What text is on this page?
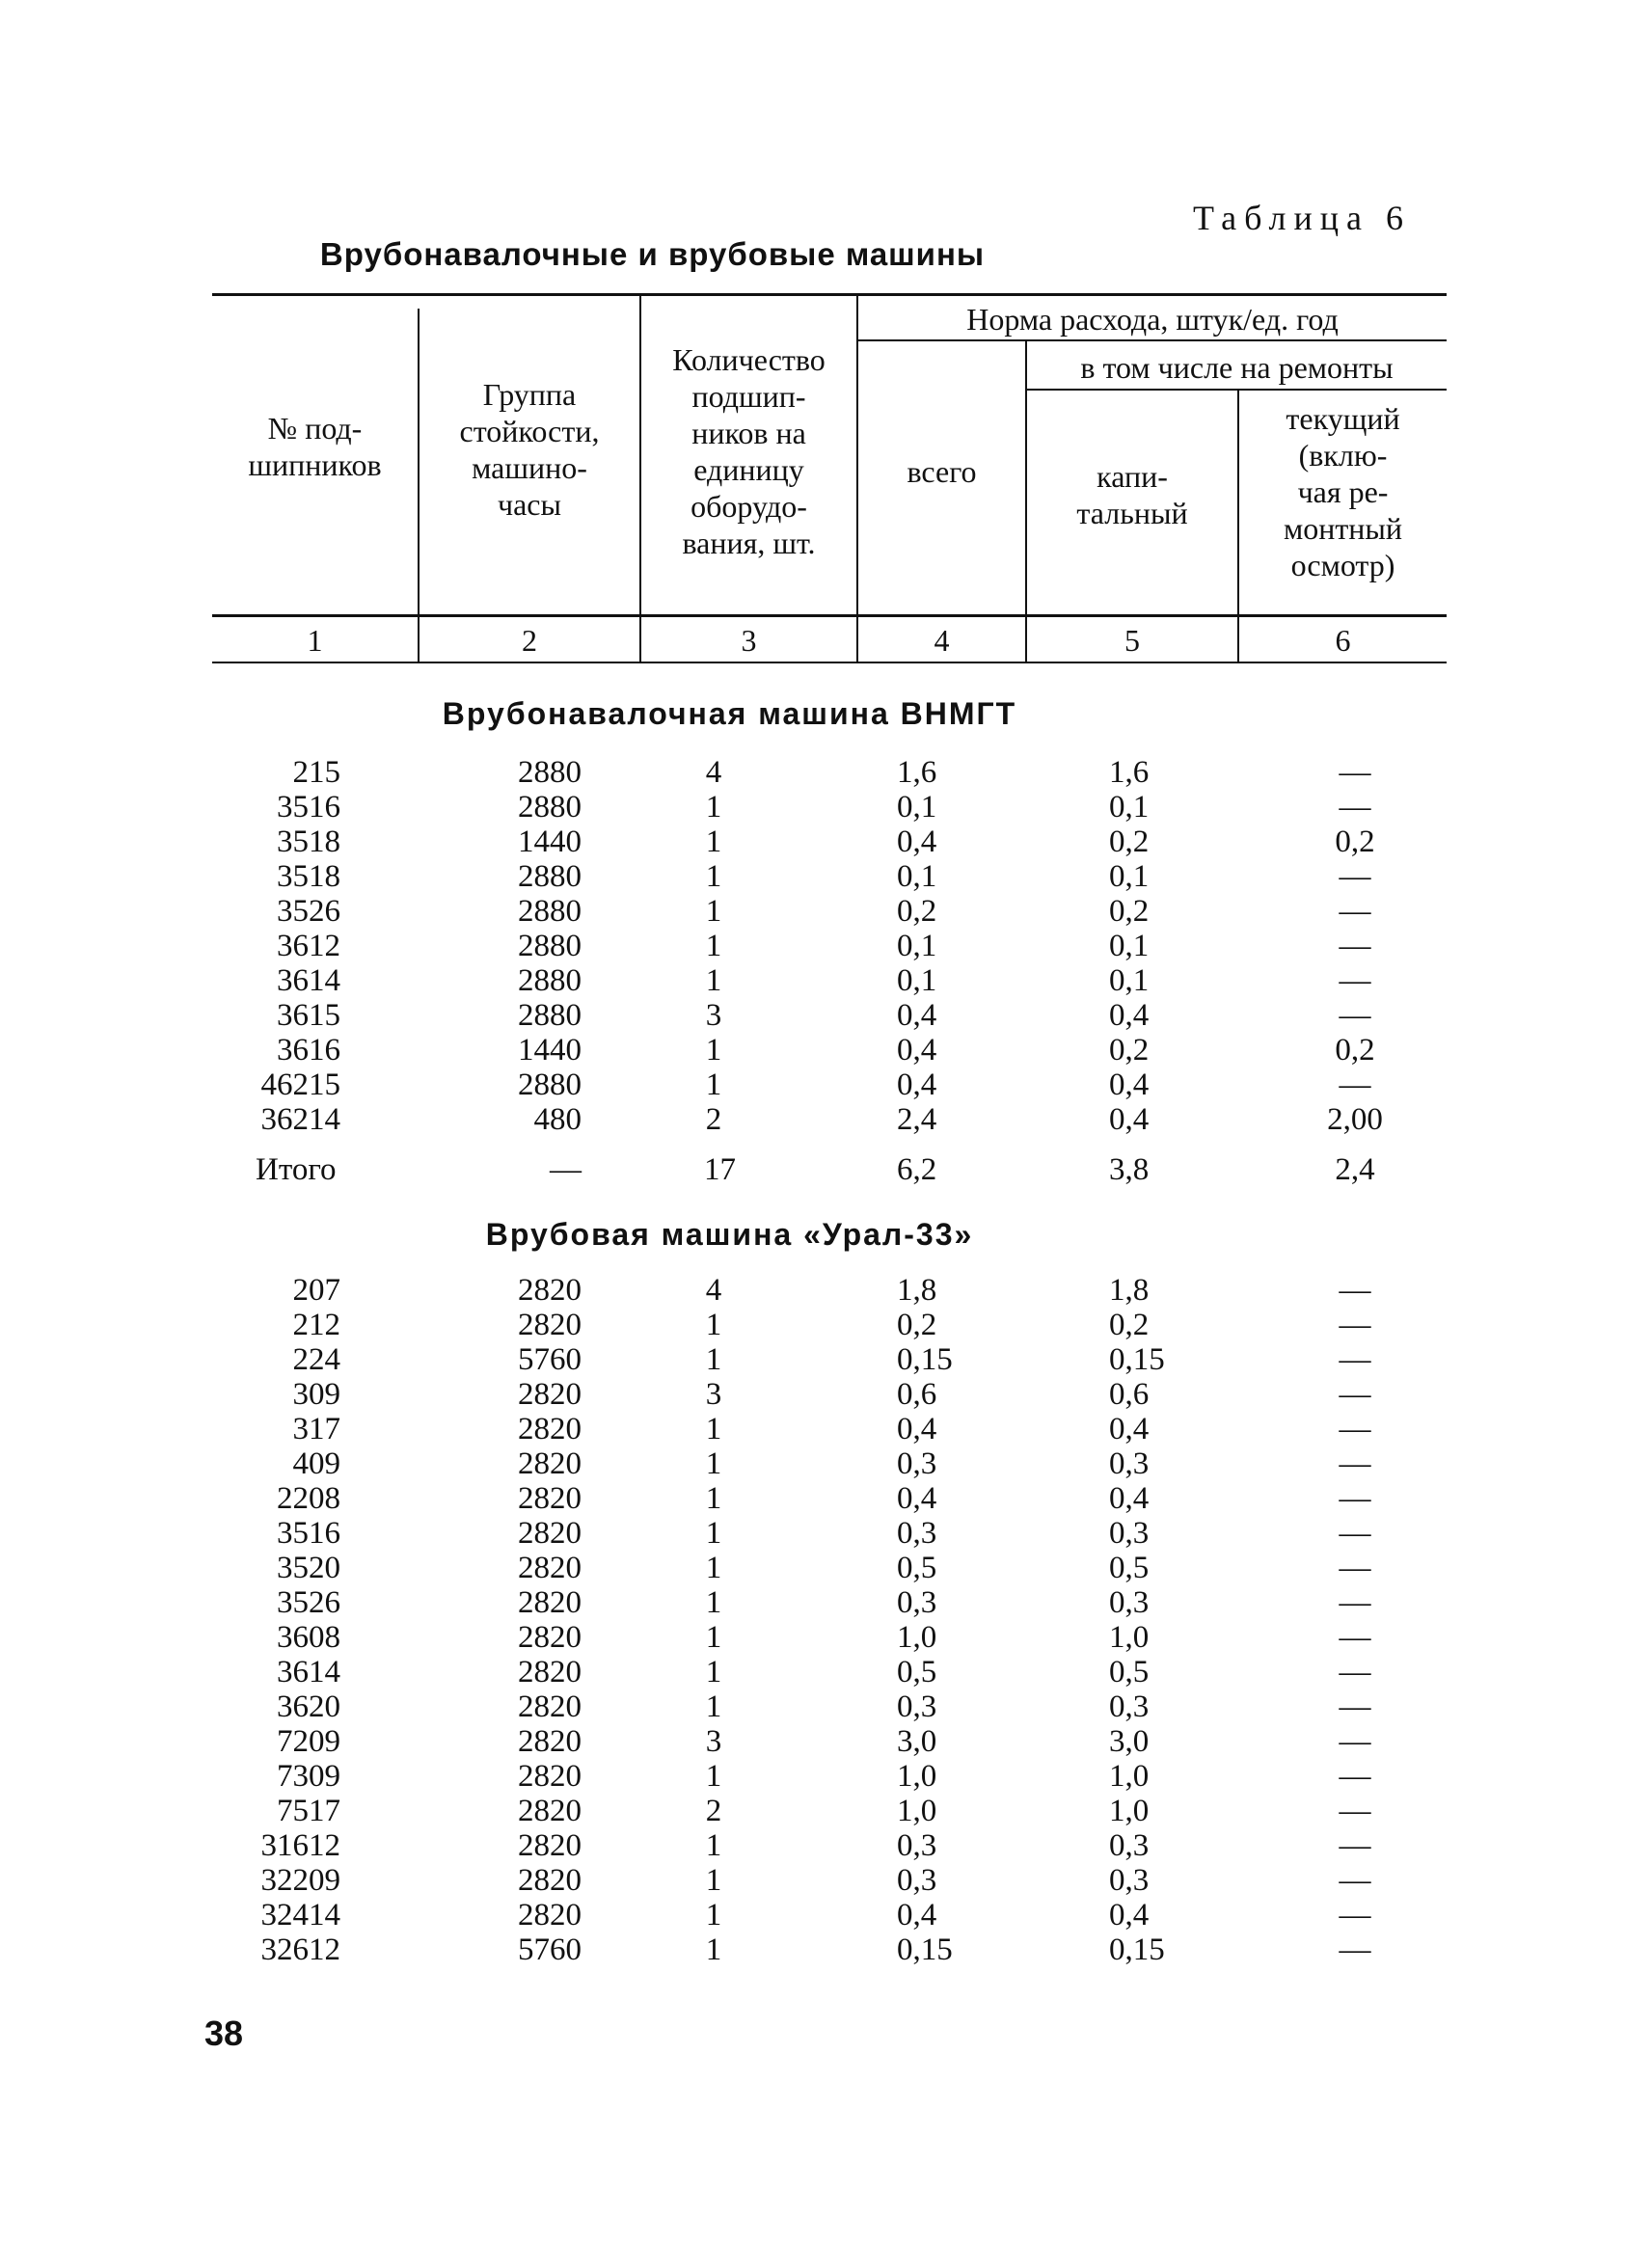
Таблица 6
Врубонавалочные и врубовые машины
№ под-
шипников
Группа
стойкости,
машино-
часы
Количество
подшип-
ников на
единицу
оборудо-
вания, шт.
Норма расхода, штук/ед. год
всего
в том числе на ремонты
капи-
тальный
текущий
(вклю-
чая ре-
монтный
осмотр)
1	2	3	4	5	6
Врубонавалочная машина ВНМГТ
215	2880	4	1,6	1,6	—
3516	2880	1	0,1	0,1	—
3518	1440	1	0,4	0,2	0,2
3518	2880	1	0,1	0,1	—
3526	2880	1	0,2	0,2	—
3612	2880	1	0,1	0,1	—
3614	2880	1	0,1	0,1	—
3615	2880	3	0,4	0,4	—
3616	1440	1	0,4	0,2	0,2
46215	2880	1	0,4	0,4	—
36214	480	2	2,4	0,4	2,00
Итого	—	17	6,2	3,8	2,4
Врубовая машина «Урал-33»
207	2820	4	1,8	1,8	—
212	2820	1	0,2	0,2	—
224	5760	1	0,15	0,15	—
309	2820	3	0,6	0,6	—
317	2820	1	0,4	0,4	—
409	2820	1	0,3	0,3	—
2208	2820	1	0,4	0,4	—
3516	2820	1	0,3	0,3	—
3520	2820	1	0,5	0,5	—
3526	2820	1	0,3	0,3	—
3608	2820	1	1,0	1,0	—
3614	2820	1	0,5	0,5	—
3620	2820	1	0,3	0,3	—
7209	2820	3	3,0	3,0	—
7309	2820	1	1,0	1,0	—
7517	2820	2	1,0	1,0	—
31612	2820	1	0,3	0,3	—
32209	2820	1	0,3	0,3	—
32414	2820	1	0,4	0,4	—
32612	5760	1	0,15	0,15	—
38
